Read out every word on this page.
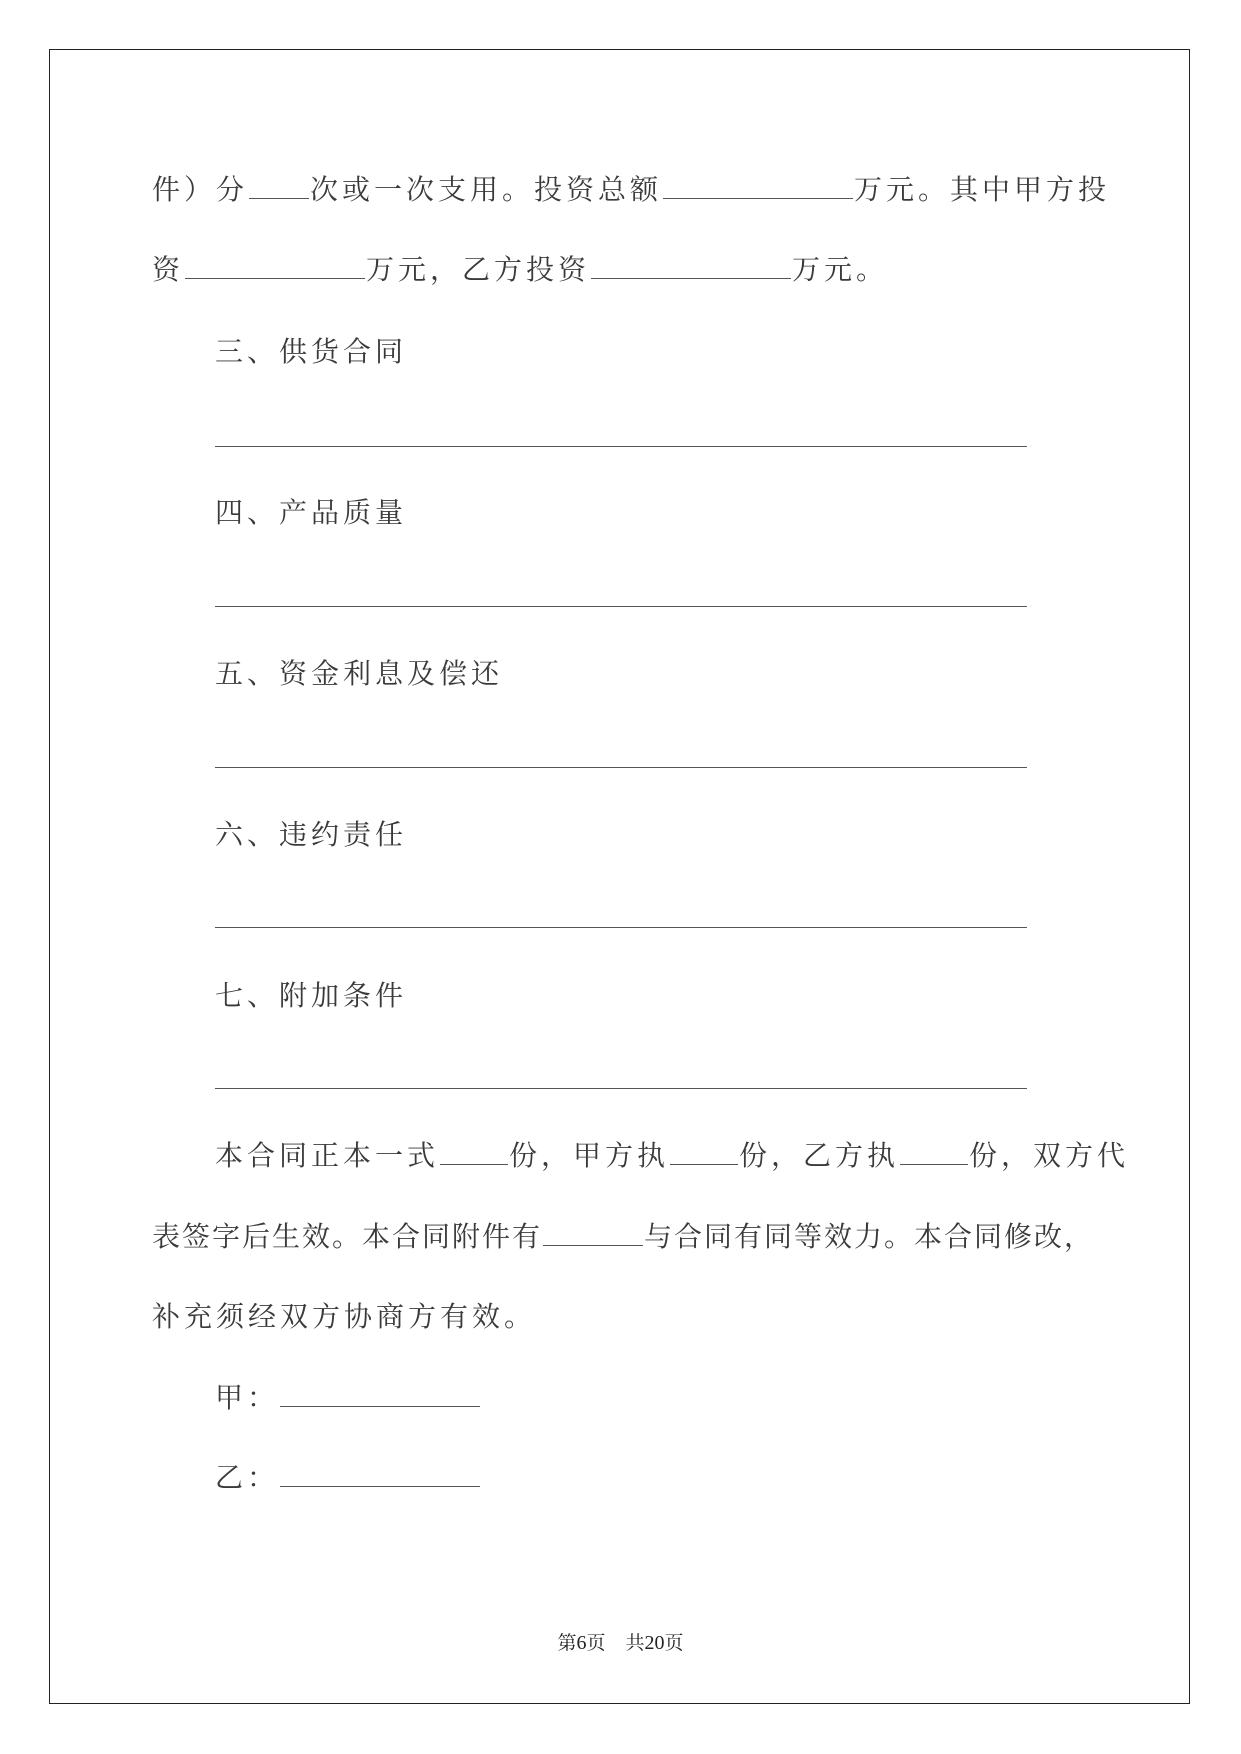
件）分 次或一次支用。投资总额	万元。其中甲方投
资	万元，乙方投资	万元。
三、供货合同
四、产品质量
五、资金利息及偿还
六、违约责任
七、附加条件
本合同正本一式	份，甲方执	份，乙方执	份，双方代
表签字后生效。本合同附件有	与合同有同等效力。本合同修改，
补充须经双方协商方有效。
甲：
乙：
第6页 共20页
